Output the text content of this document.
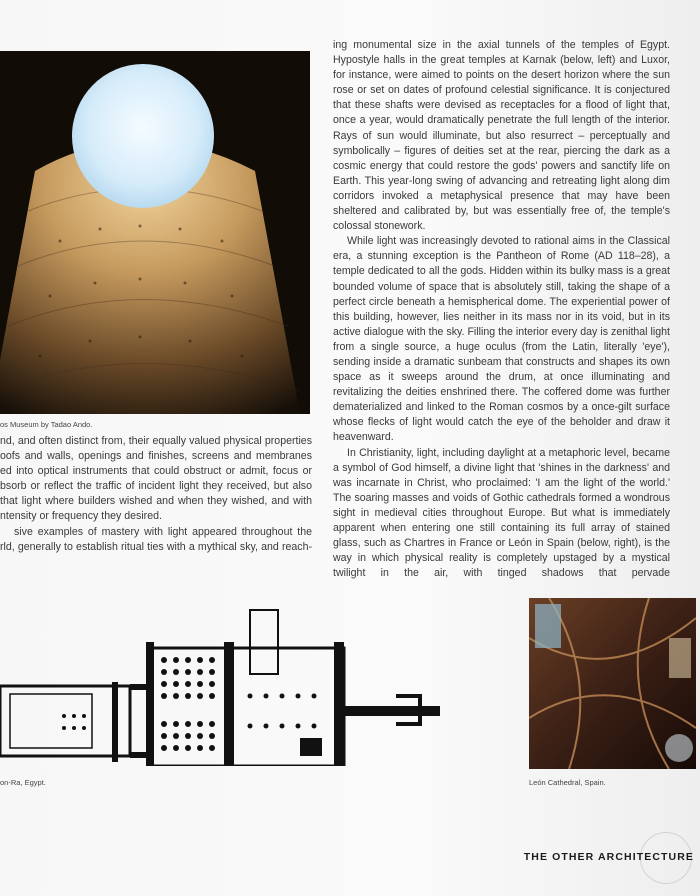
os Museum by Tadao Ando.

nd, and often distinct from, their equally valued physical properties oofs and walls, openings and finishes, screens and membranes ed into optical instruments that could obstruct or admit, focus or bsorb or reflect the traffic of incident light they received, but also that light where builders wished and when they wished, and with ntensity or frequency they desired.

sive examples of mastery with light appeared throughout the rld, generally to establish ritual ties with a mythical sky, and reach-

ing monumental size in the axial tunnels of the temples of Egypt. Hypostyle halls in the great temples at Karnak (below, left) and Luxor, for instance, were aimed to points on the desert horizon where the sun rose or set on dates of profound celestial significance. It is conjectured that these shafts were devised as receptacles for a flood of light that, once a year, would dramatically penetrate the full length of the interior. Rays of sun would illuminate, but also resurrect – perceptually and symbolically – figures of deities set at the rear, piercing the dark as a cosmic energy that could restore the gods' powers and sanctify life on Earth. This year-long swing of advancing and retreating light along dim corridors invoked a metaphysical presence that may have been sheltered and calibrated by, but was essentially free of, the temple's colossal stonework.

While light was increasingly devoted to rational aims in the Classical era, a stunning exception is the Pantheon of Rome (AD 118–28), a temple dedicated to all the gods. Hidden within its bulky mass is a great bounded volume of space that is absolutely still, taking the shape of a perfect circle beneath a hemispherical dome. The experiential power of this building, however, lies neither in its mass nor in its void, but in its active dialogue with the sky. Filling the interior every day is zenithal light from a single source, a huge oculus (from the Latin, literally 'eye'), sending inside a dramatic sunbeam that constructs and shapes its own space as it sweeps around the drum, at once illuminating and revitalizing the deities enshrined there. The coffered dome was further dematerialized and linked to the Roman cosmos by a once-gilt surface whose flecks of light would catch the eye of the beholder and draw it heavenward.

In Christianity, light, including daylight at a metaphoric level, became a symbol of God himself, a divine light that 'shines in the darkness' and was incarnate in Christ, who proclaimed: 'I am the light of the world.' The soaring masses and voids of Gothic cathedrals formed a wondrous sight in medieval cities throughout Europe. But what is immediately apparent when entering one still containing its full array of stained glass, such as Chartres in France or León in Spain (below, right), is the way in which physical reality is completely upstaged by a mystical twilight in the air, with tinged shadows that pervade

on-Ra, Egypt.	León Cathedral, Spain.
THE OTHER ARCHITECTURE
